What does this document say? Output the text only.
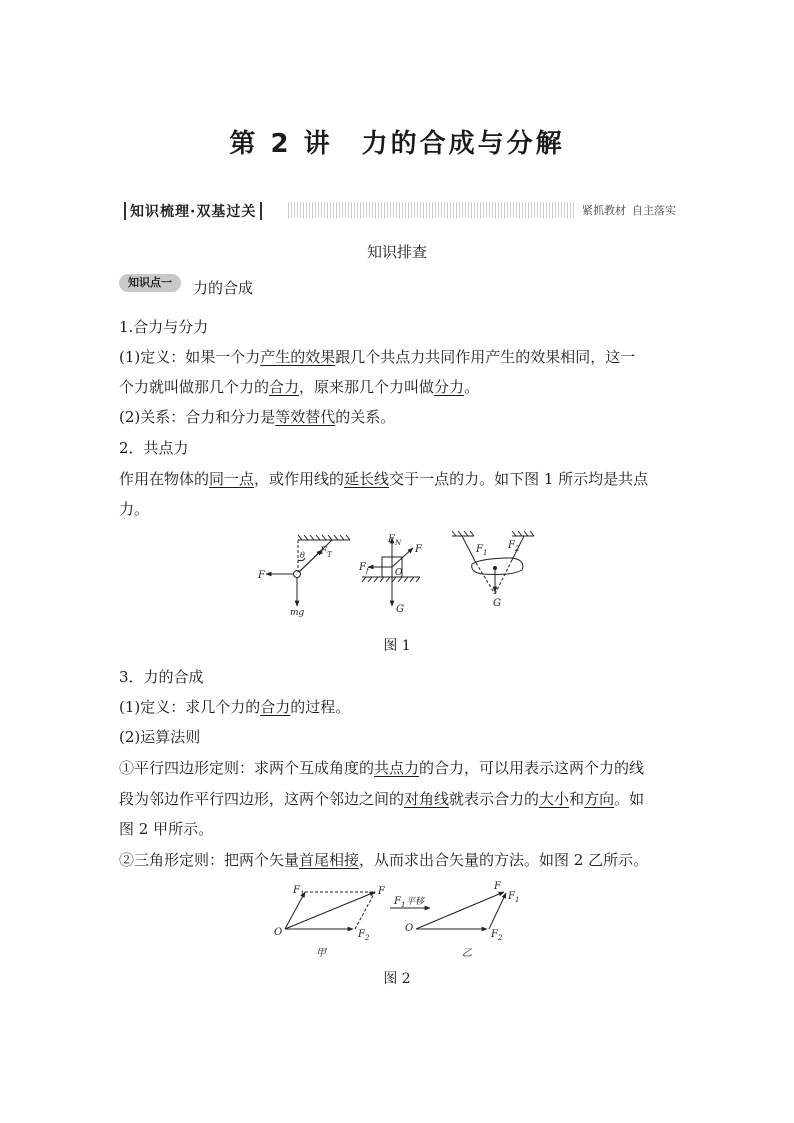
第 2 讲　力的合成与分解
知识梳理·双基过关	紧抓教材 自主落实
知识排查
知识点一	力的合成
1.合力与分力
(1)定义：如果一个力产生的效果跟几个共点力共同作用产生的效果相同，这一
个力就叫做那几个力的合力，原来那几个力叫做分力。
(2)关系：合力和分力是等效替代的关系。
2．共点力
作用在物体的同一点，或作用线的延长线交于一点的力。如下图 1 所示均是共点
力。
F
F T
θ
mg
F N
F
F f
G
O
F 1
F 2
G
图 1
3．力的合成
(1)定义：求几个力的合力的过程。
(2)运算法则
①平行四边形定则：求两个互成角度的共点力的合力，可以用表示这两个力的线
段为邻边作平行四边形，这两个邻边之间的对角线就表示合力的大小和方向。如
图 2 甲所示。
②三角形定则：把两个矢量首尾相接，从而求出合矢量的方法。如图 2 乙所示。
F 1	F
O	F 2
O
F 2
F
F 1
F 1 平移
甲	乙
图 2
